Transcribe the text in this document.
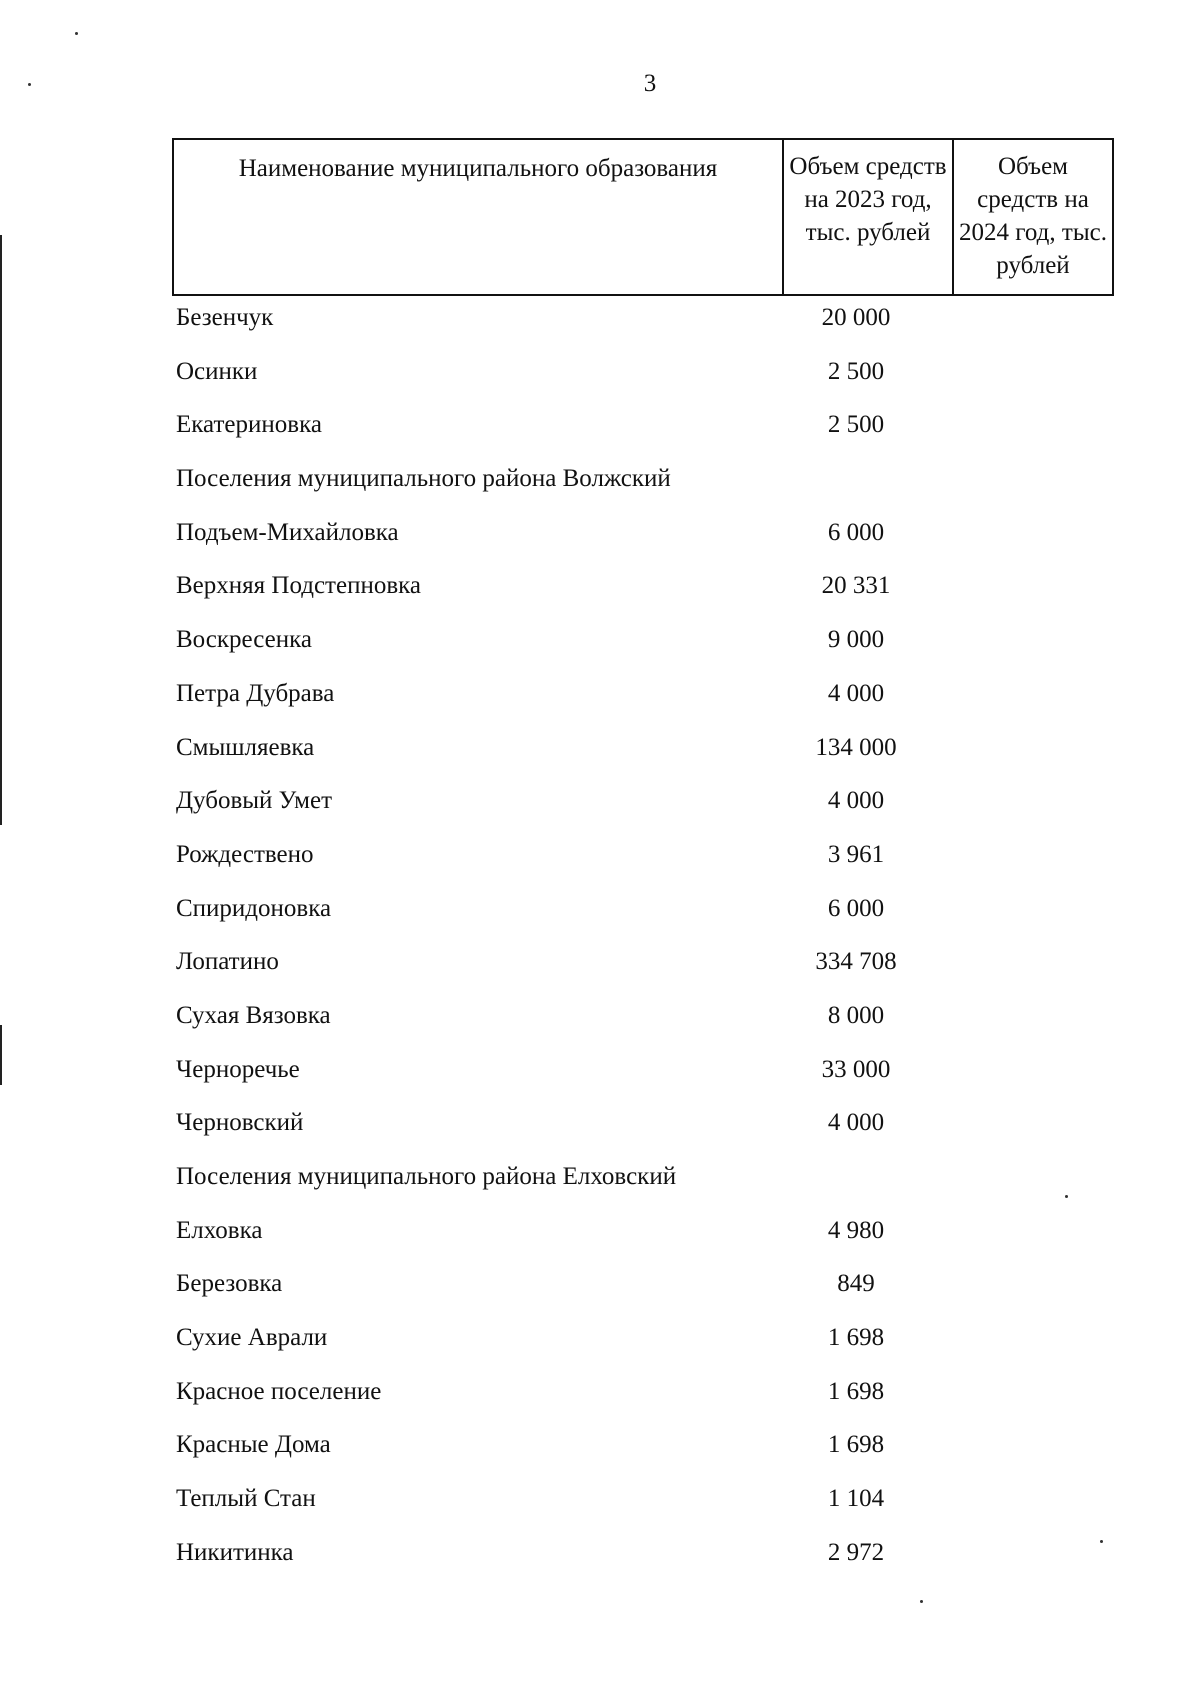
3
Наименование муниципального образования	Объем средств на 2023 год, тыс. рублей	Объем средств на 2024 год, тыс. рублей
Безенчук	20 000
Осинки	2 500
Екатериновка	2 500
Поселения муниципального района Волжский
Подъем-Михайловка	6 000
Верхняя Подстепновка	20 331
Воскресенка	9 000
Петра Дубрава	4 000
Смышляевка	134 000
Дубовый Умет	4 000
Рождествено	3 961
Спиридоновка	6 000
Лопатино	334 708
Сухая Вязовка	8 000
Черноречье	33 000
Черновский	4 000
Поселения муниципального района Елховский
Елховка	4 980
Березовка	849
Сухие Аврали	1 698
Красное поселение	1 698
Красные Дома	1 698
Теплый Стан	1 104
Никитинка	2 972
